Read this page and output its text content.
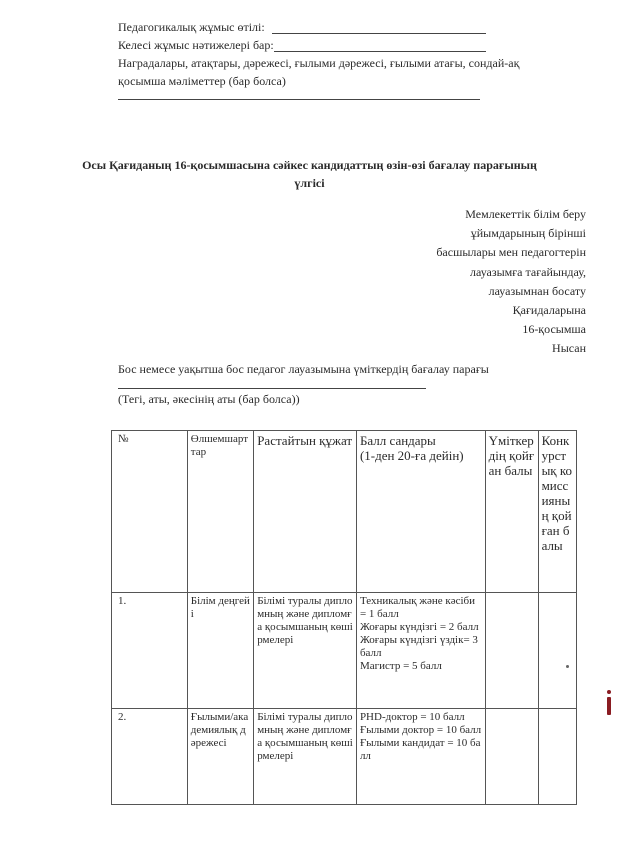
Педагогикалық жұмыс өтілі:
Келесі жұмыс нәтижелері бар:
Наградалары, атақтары, дәрежесі, ғылыми дәрежесі, ғылыми атағы, сондай-ақ
қосымша мәліметтер (бар болса)
Осы Қағиданың 16-қосымшасына сәйкес кандидаттың өзін-өзі бағалау парағының
үлгісі
Мемлекеттік білім беру
ұйымдарының бірінші
басшылары мен педагогтерін
лауазымға тағайындау,
лауазымнан босату
Қағидаларына
16-қосымша
Нысан
Бос немесе уақытша бос педагог лауазымына үміткердің бағалау парағы
(Тегі, аты, әкесінің аты (бар болса))
№	Өлшемшарттар	Растайтын құжат	Балл сандары
(1-ден 20-ға дейін)	Үміткердің қойған балы	Конкурстық комиссияның қойған балы
1.	Білім деңгейі	Білімі туралы дипломның және дипломға қосымшаның көшірмелері	Техникалық және кәсіби
= 1 балл
Жоғары күндізгі = 2 балл
Жоғары күндізгі үздік= 3 балл
Магистр = 5 балл		

2.	Ғылыми/академиялық дәрежесі	Білімі туралы дипломның және дипломға қосымшаның көшірмелері	PHD-доктор = 10 балл
Ғылыми доктор = 10 балл
Ғылыми кандидат = 10 балл		
